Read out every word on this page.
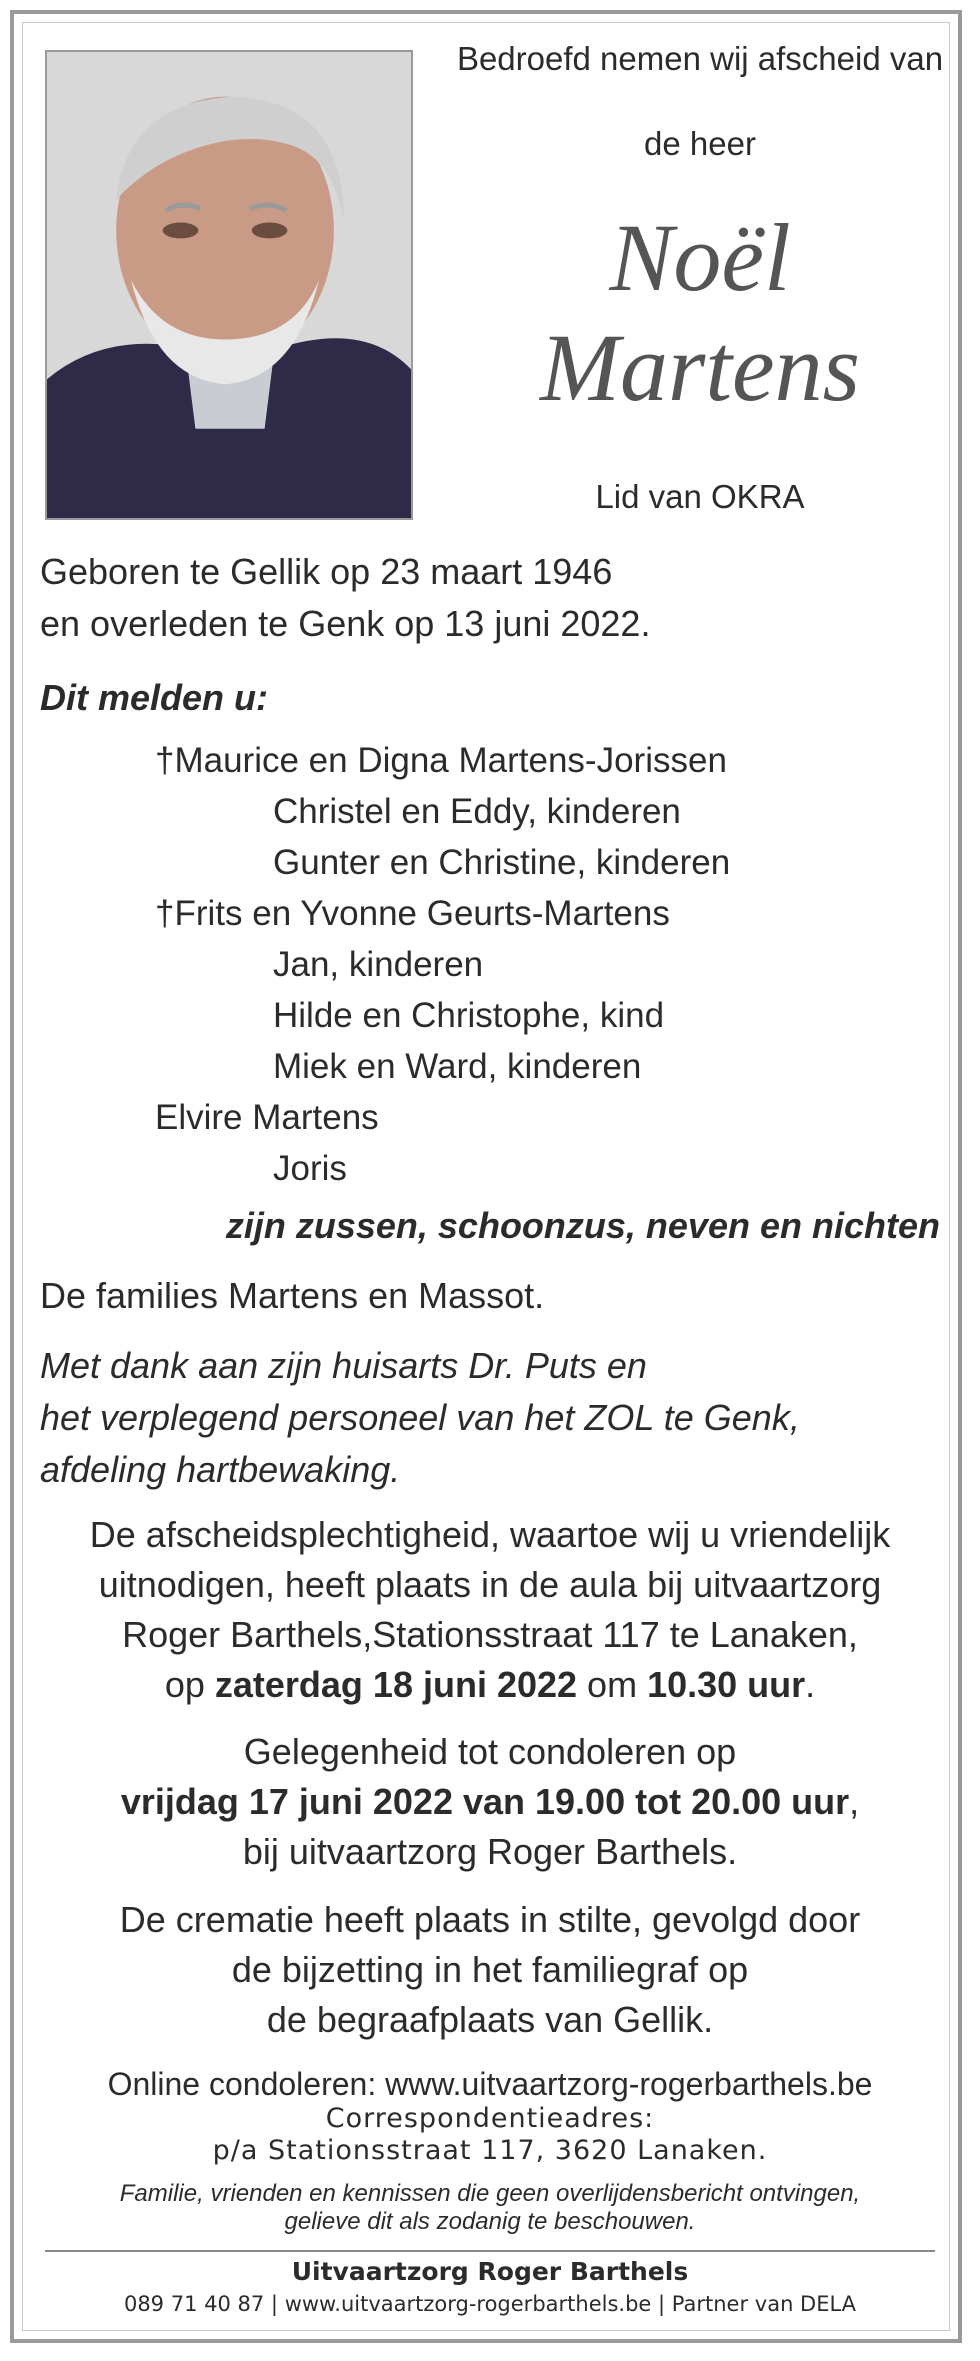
Bedroefd nemen wij afscheid van
de heer
Noël
Martens
Lid van OKRA
Geboren te Gellik op 23 maart 1946
en overleden te Genk op 13 juni 2022.
Dit melden u:
†Maurice en Digna Martens-Jorissen
Christel en Eddy, kinderen
Gunter en Christine, kinderen
†Frits en Yvonne Geurts-Martens
Jan, kinderen
Hilde en Christophe, kind
Miek en Ward, kinderen
Elvire Martens
Joris
zijn zussen, schoonzus, neven en nichten
De families Martens en Massot.
Met dank aan zijn huisarts Dr. Puts en
het verplegend personeel van het ZOL te Genk,
afdeling hartbewaking.
De afscheidsplechtigheid, waartoe wij u vriendelijk
uitnodigen, heeft plaats in de aula bij uitvaartzorg
Roger Barthels,Stationsstraat 117 te Lanaken,
op zaterdag 18 juni 2022 om 10.30 uur.
Gelegenheid tot condoleren op
vrijdag 17 juni 2022 van 19.00 tot 20.00 uur,
bij uitvaartzorg Roger Barthels.
De crematie heeft plaats in stilte, gevolgd door
de bijzetting in het familiegraf op
de begraafplaats van Gellik.
Online condoleren: www.uitvaartzorg-rogerbarthels.be
Correspondentieadres:
p/a Stationsstraat 117, 3620 Lanaken.
Familie, vrienden en kennissen die geen overlijdensbericht ontvingen,
gelieve dit als zodanig te beschouwen.
Uitvaartzorg Roger Barthels
089 71 40 87 | www.uitvaartzorg-rogerbarthels.be | Partner van DELA
